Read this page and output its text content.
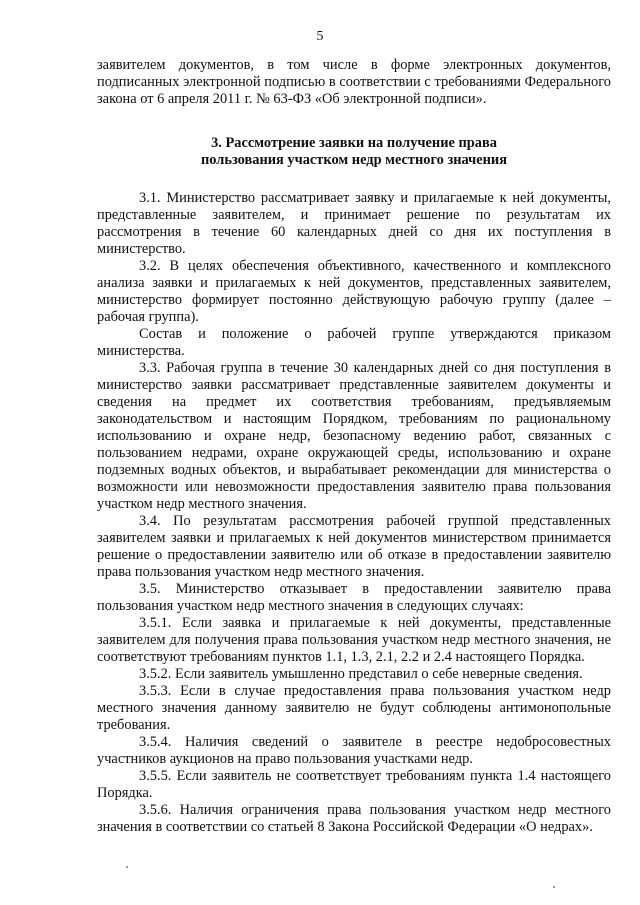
5

заявителем документов, в том числе в форме электронных документов, подписанных электронной подписью в соответствии с требованиями Федерального закона от 6 апреля 2011 г. № 63-ФЗ «Об электронной подписи».

3. Рассмотрение заявки на получение права
пользования участком недр местного значения

3.1. Министерство рассматривает заявку и прилагаемые к ней документы, представленные заявителем, и принимает решение по результатам их рассмотрения в течение 60 календарных дней со дня их поступления в министерство.

3.2. В целях обеспечения объективного, качественного и комплексного анализа заявки и прилагаемых к ней документов, представленных заявителем, министерство формирует постоянно действующую рабочую группу (далее – рабочая группа).

Состав и положение о рабочей группе утверждаются приказом министерства.

3.3. Рабочая группа в течение 30 календарных дней со дня поступления в министерство заявки рассматривает представленные заявителем документы и сведения на предмет их соответствия требованиям, предъявляемым законодательством и настоящим Порядком, требованиям по рациональному использованию и охране недр, безопасному ведению работ, связанных с пользованием недрами, охране окружающей среды, использованию и охране подземных водных объектов, и вырабатывает рекомендации для министерства о возможности или невозможности предоставления заявителю права пользования участком недр местного значения.

3.4. По результатам рассмотрения рабочей группой представленных заявителем заявки и прилагаемых к ней документов министерством принимается решение о предоставлении заявителю или об отказе в предоставлении заявителю права пользования участком недр местного значения.

3.5. Министерство отказывает в предоставлении заявителю права пользования участком недр местного значения в следующих случаях:

3.5.1. Если заявка и прилагаемые к ней документы, представленные заявителем для получения права пользования участком недр местного значения, не соответствуют требованиям пунктов 1.1, 1.3, 2.1, 2.2 и 2.4 настоящего Порядка.

3.5.2. Если заявитель умышленно представил о себе неверные сведения.

3.5.3. Если в случае предоставления права пользования участком недр местного значения данному заявителю не будут соблюдены антимонопольные требования.

3.5.4. Наличия сведений о заявителе в реестре недобросовестных участников аукционов на право пользования участками недр.

3.5.5. Если заявитель не соответствует требованиям пункта 1.4 настоящего Порядка.

3.5.6. Наличия ограничения права пользования участком недр местного значения в соответствии со статьей 8 Закона Российской Федерации «О недрах».
